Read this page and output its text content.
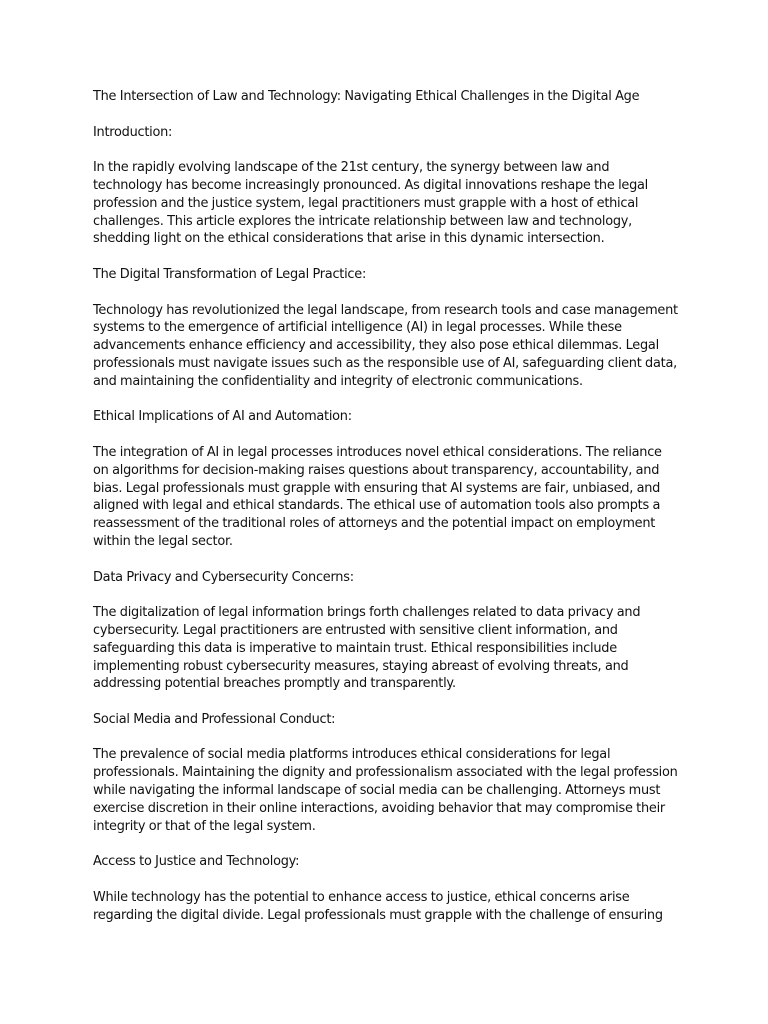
The Intersection of Law and Technology: Navigating Ethical Challenges in the Digital Age

Introduction:

In the rapidly evolving landscape of the 21st century, the synergy between law and technology has become increasingly pronounced. As digital innovations reshape the legal profession and the justice system, legal practitioners must grapple with a host of ethical challenges. This article explores the intricate relationship between law and technology, shedding light on the ethical considerations that arise in this dynamic intersection.

The Digital Transformation of Legal Practice:

Technology has revolutionized the legal landscape, from research tools and case management systems to the emergence of artificial intelligence (AI) in legal processes. While these advancements enhance efficiency and accessibility, they also pose ethical dilemmas. Legal professionals must navigate issues such as the responsible use of AI, safeguarding client data, and maintaining the confidentiality and integrity of electronic communications.

Ethical Implications of AI and Automation:

The integration of AI in legal processes introduces novel ethical considerations. The reliance on algorithms for decision-making raises questions about transparency, accountability, and bias. Legal professionals must grapple with ensuring that AI systems are fair, unbiased, and aligned with legal and ethical standards. The ethical use of automation tools also prompts a reassessment of the traditional roles of attorneys and the potential impact on employment within the legal sector.

Data Privacy and Cybersecurity Concerns:

The digitalization of legal information brings forth challenges related to data privacy and cybersecurity. Legal practitioners are entrusted with sensitive client information, and safeguarding this data is imperative to maintain trust. Ethical responsibilities include implementing robust cybersecurity measures, staying abreast of evolving threats, and addressing potential breaches promptly and transparently.

Social Media and Professional Conduct:

The prevalence of social media platforms introduces ethical considerations for legal professionals. Maintaining the dignity and professionalism associated with the legal profession while navigating the informal landscape of social media can be challenging. Attorneys must exercise discretion in their online interactions, avoiding behavior that may compromise their integrity or that of the legal system.

Access to Justice and Technology:

While technology has the potential to enhance access to justice, ethical concerns arise regarding the digital divide. Legal professionals must grapple with the challenge of ensuring
